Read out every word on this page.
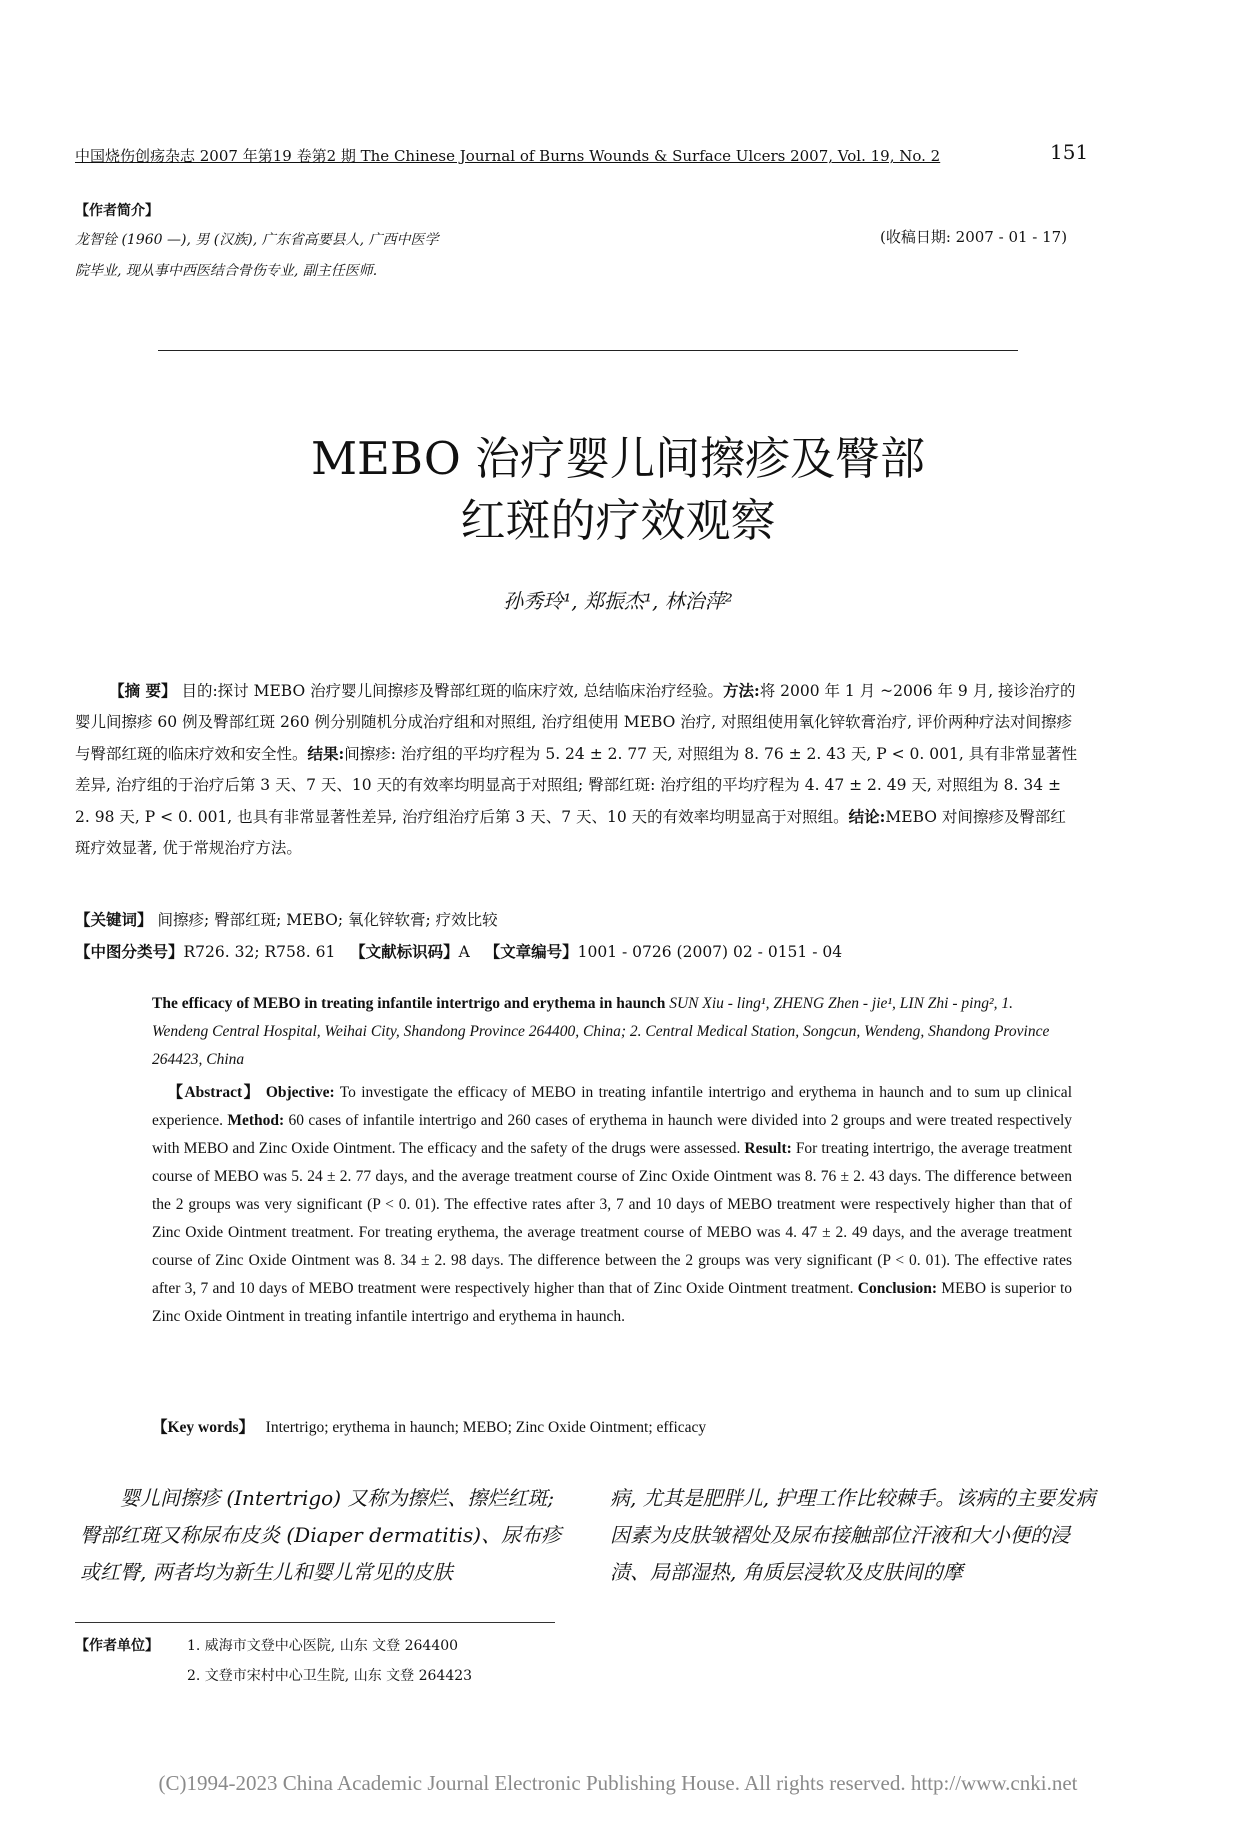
中国烧伤创疡杂志 2007 年第19 卷第2 期 The Chinese Journal of Burns Wounds & Surface Ulcers 2007, Vol. 19, No. 2	151
【作者简介】
龙智铨 (1960 —), 男 (汉族), 广东省高要县人, 广西中医学
院毕业, 现从事中西医结合骨伤专业, 副主任医师.
(收稿日期: 2007 - 01 - 17)
MEBO 治疗婴儿间擦疹及臀部
红斑的疗效观察
孙秀玲¹, 郑振杰¹, 林治萍²
【摘 要】 目的:探讨 MEBO 治疗婴儿间擦疹及臀部红斑的临床疗效, 总结临床治疗经验。方法:将 2000 年 1 月 ~2006 年 9 月, 接诊治疗的婴儿间擦疹 60 例及臀部红斑 260 例分别随机分成治疗组和对照组, 治疗组使用 MEBO 治疗, 对照组使用氧化锌软膏治疗, 评价两种疗法对间擦疹与臀部红斑的临床疗效和安全性。结果:间擦疹: 治疗组的平均疗程为 5. 24 ± 2. 77 天, 对照组为 8. 76 ± 2. 43 天, P < 0. 001, 具有非常显著性差异, 治疗组的于治疗后第 3 天、7 天、10 天的有效率均明显高于对照组; 臀部红斑: 治疗组的平均疗程为 4. 47 ± 2. 49 天, 对照组为 8. 34 ± 2. 98 天, P < 0. 001, 也具有非常显著性差异, 治疗组治疗后第 3 天、7 天、10 天的有效率均明显高于对照组。结论:MEBO 对间擦疹及臀部红斑疗效显著, 优于常规治疗方法。
【关键词】 间擦疹; 臀部红斑; MEBO; 氧化锌软膏; 疗效比较
【中图分类号】R726. 32; R758. 61 【文献标识码】A 【文章编号】1001 - 0726 (2007) 02 - 0151 - 04
The efficacy of MEBO in treating infantile intertrigo and erythema in haunch SUN Xiu - ling¹, ZHENG Zhen - jie¹, LIN Zhi - ping², 1. Wendeng Central Hospital, Weihai City, Shandong Province 264400, China; 2. Central Medical Station, Songcun, Wendeng, Shandong Province 264423, China
【Abstract】 Objective: To investigate the efficacy of MEBO in treating infantile intertrigo and erythema in haunch and to sum up clinical experience. Method: 60 cases of infantile intertrigo and 260 cases of erythema in haunch were divided into 2 groups and were treated respectively with MEBO and Zinc Oxide Ointment. The efficacy and the safety of the drugs were assessed. Result: For treating intertrigo, the average treatment course of MEBO was 5. 24 ± 2. 77 days, and the average treatment course of Zinc Oxide Ointment was 8. 76 ± 2. 43 days. The difference between the 2 groups was very significant (P < 0. 01). The effective rates after 3, 7 and 10 days of MEBO treatment were respectively higher than that of Zinc Oxide Ointment treatment. For treating erythema, the average treatment course of MEBO was 4. 47 ± 2. 49 days, and the average treatment course of Zinc Oxide Ointment was 8. 34 ± 2. 98 days. The difference between the 2 groups was very significant (P < 0. 01). The effective rates after 3, 7 and 10 days of MEBO treatment were respectively higher than that of Zinc Oxide Ointment treatment. Conclusion: MEBO is superior to Zinc Oxide Ointment in treating infantile intertrigo and erythema in haunch.
【Key words】 Intertrigo; erythema in haunch; MEBO; Zinc Oxide Ointment; efficacy
婴儿间擦疹 (Intertrigo) 又称为擦烂、擦烂红斑; 臀部红斑又称尿布皮炎 (Diaper dermatitis)、尿布疹或红臀, 两者均为新生儿和婴儿常见的皮肤
病, 尤其是肥胖儿, 护理工作比较棘手。该病的主要发病因素为皮肤皱褶处及尿布接触部位汗液和大小便的浸渍、局部湿热, 角质层浸软及皮肤间的摩
【作者单位】 1. 威海市文登中心医院, 山东 文登 264400
2. 文登市宋村中心卫生院, 山东 文登 264423
(C)1994-2023 China Academic Journal Electronic Publishing House. All rights reserved. http://www.cnki.net
